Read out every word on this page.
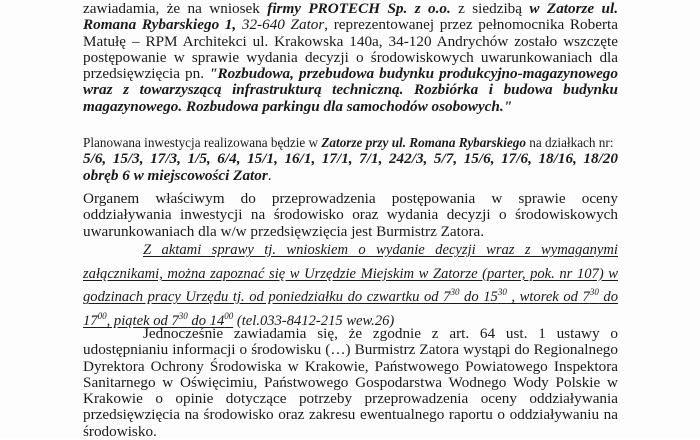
zawiadamia, że na wniosek firmy PROTECH Sp. z o.o. z siedzibą w Zatorze ul. Romana Rybarskiego 1, 32-640 Zator, reprezentowanej przez pełnomocnika Roberta Matułę – RPM Architekci ul. Krakowska 140a, 34-120 Andrychów zostało wszczęte postępowanie w sprawie wydania decyzji o środowiskowych uwarunkowaniach dla przedsięwzięcia pn. "Rozbudowa, przebudowa budynku produkcyjno-magazynowego wraz z towarzyszącą infrastrukturą techniczną. Rozbiórka i budowa budynku magazynowego. Rozbudowa parkingu dla samochodów osobowych."
Planowana inwestycja realizowana będzie w Zatorze przy ul. Romana Rybarskiego na działkach nr:
5/6, 15/3, 17/3, 1/5, 6/4, 15/1, 16/1, 17/1, 7/1, 242/3, 5/7, 15/6, 17/6, 18/16, 18/20 obręb 6 w miejscowości Zator.
Organem właściwym do przeprowadzenia postępowania w sprawie oceny oddziaływania inwestycji na środowisko oraz wydania decyzji o środowiskowych uwarunkowaniach dla w/w przedsięwzięcia jest Burmistrz Zatora.
Z aktami sprawy tj. wnioskiem o wydanie decyzji wraz z wymaganymi załącznikami, można zapoznać się w Urzędzie Miejskim w Zatorze (parter, pok. nr 107) w godzinach pracy Urzędu tj. od poniedziałku do czwartku od $7^{30}$ do $15^{30}$ , wtorek od $7^{30}$ do $17^{00}$, piątek od $7^{30}$ do $14^{00}$ (tel.033-8412-215 wew.26)
Jednocześnie zawiadamia się, że zgodnie z art. 64 ust. 1 ustawy o udostępnianiu informacji o środowisku (…) Burmistrz Zatora wystąpi do Regionalnego Dyrektora Ochrony Środowiska w Krakowie, Państwowego Powiatowego Inspektora Sanitarnego w Oświęcimiu, Państwowego Gospodarstwa Wodnego Wody Polskie w Krakowie o opinie dotyczące potrzeby przeprowadzenia oceny oddziaływania przedsięwzięcia na środowisko oraz zakresu ewentualnego raportu o oddziaływaniu na środowisko.
